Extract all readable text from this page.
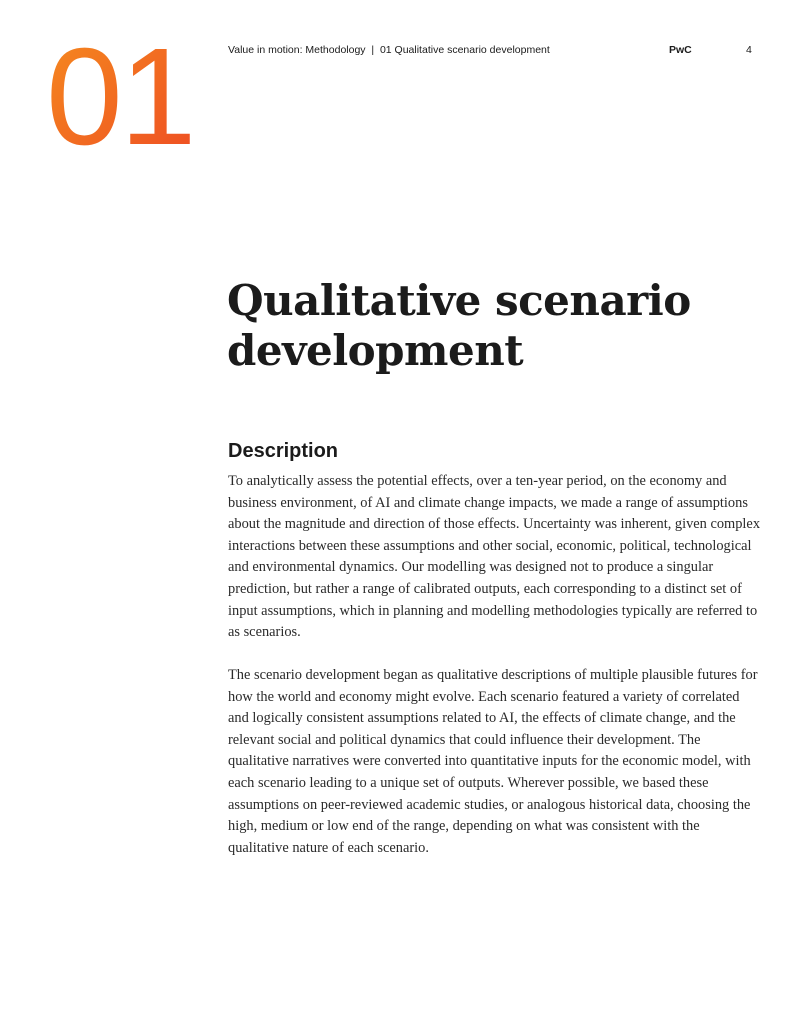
01	Value in motion: Methodology  |  01 Qualitative scenario development	PwC	4
Qualitative scenario development
Description

To analytically assess the potential effects, over a ten-year period, on the economy and business environment, of AI and climate change impacts, we made a range of assumptions about the magnitude and direction of those effects. Uncertainty was inherent, given complex interactions between these assumptions and other social, economic, political, technological and environmental dynamics. Our modelling was designed not to produce a singular prediction, but rather a range of calibrated outputs, each corresponding to a distinct set of input assumptions, which in planning and modelling methodologies typically are referred to as scenarios.

The scenario development began as qualitative descriptions of multiple plausible futures for how the world and economy might evolve. Each scenario featured a variety of correlated and logically consistent assumptions related to AI, the effects of climate change, and the relevant social and political dynamics that could influence their development. The qualitative narratives were converted into quantitative inputs for the economic model, with each scenario leading to a unique set of outputs. Wherever possible, we based these assumptions on peer-reviewed academic studies, or analogous historical data, choosing the high, medium or low end of the range, depending on what was consistent with the qualitative nature of each scenario.
